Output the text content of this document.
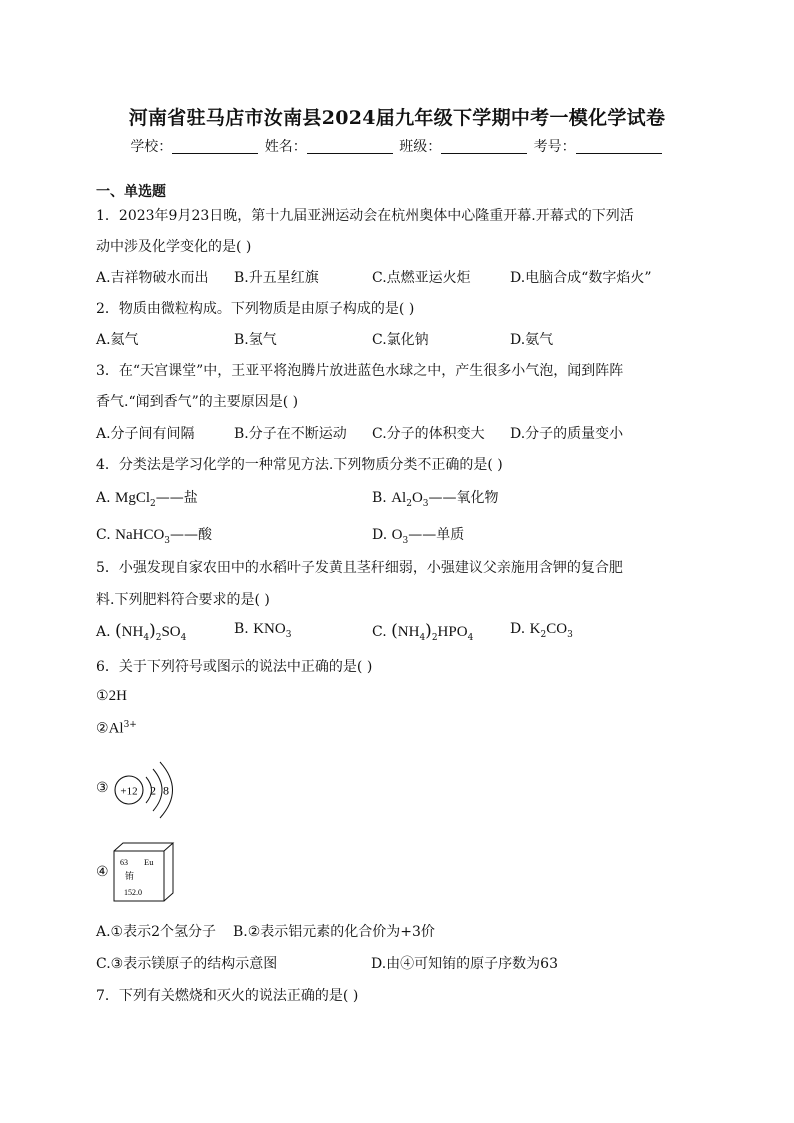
河南省驻马店市汝南县2024届九年级下学期中考一模化学试卷
学校：	姓名：	班级：	考号：
一、单选题
1．2023年9月23日晚，第十九届亚洲运动会在杭州奥体中心隆重开幕.开幕式的下列活
动中涉及化学变化的是( )
A.吉祥物破水而出 B.升五星红旗	C.点燃亚运火炬	D.电脑合成“数字焰火”
2．物质由微粒构成。下列物质是由原子构成的是( )
A.氦气	B.氢气	C.氯化钠	D.氨气
3．在“天宫课堂”中，王亚平将泡腾片放进蓝色水球之中，产生很多小气泡，闻到阵阵
香气.“闻到香气”的主要原因是( )
A.分子间有间隔	B.分子在不断运动 C.分子的体积变大 D.分子的质量变小
4．分类法是学习化学的一种常见方法.下列物质分类不正确的是( )
A. MgCl$_2$——盐	B. $Al_2O_3——$氧化物
C. NaHCO$_3$——酸	D. $O_3——$单质
5．小强发现自家农田中的水稻叶子发黄且茎秆细弱，小强建议父亲施用含钾的复合肥
料.下列肥料符合要求的是( )
A. $(NH_4)_2SO_4$
B. $KNO_3$	C. $(NH_4)_2HPO_4$
D. $K_2CO_3$
6．关于下列符号或图示的说法中正确的是( )
①2H
$②Al^{3+}$
③ +12 2 8
④
63 Eu
铕
152.0
A.①表示2个氢分子 B.②表示铝元素的化合价为+3价
C.③表示镁原子的结构示意图	D.由④可知铕的原子序数为63
7．下列有关燃烧和灭火的说法正确的是( )
